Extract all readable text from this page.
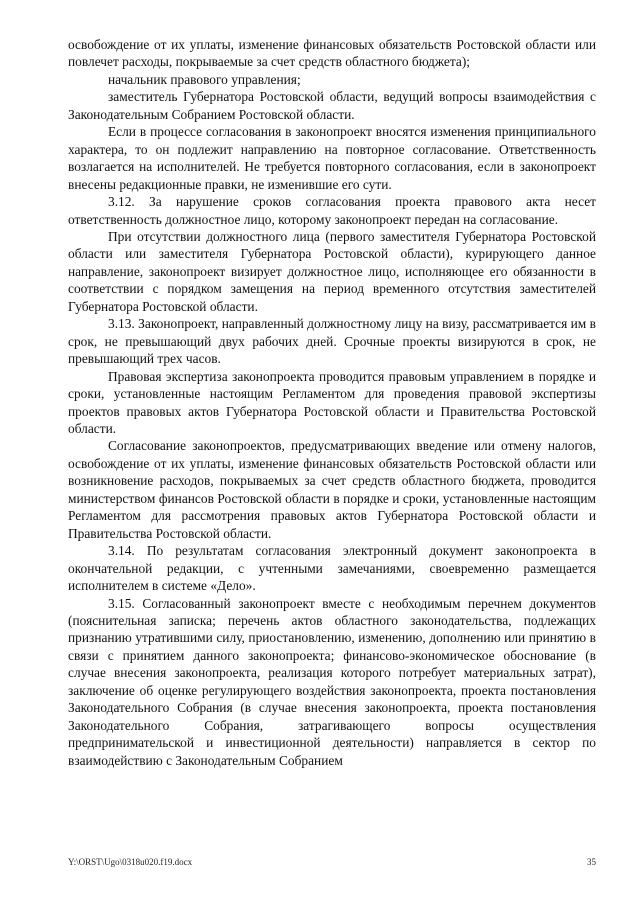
освобождение от их уплаты, изменение финансовых обязательств Ростовской области или повлечет расходы, покрываемые за счет средств областного бюджета);

начальник правового управления;

заместитель Губернатора Ростовской области, ведущий вопросы взаимодействия с Законодательным Собранием Ростовской области.

Если в процессе согласования в законопроект вносятся изменения принципиального характера, то он подлежит направлению на повторное согласование. Ответственность возлагается на исполнителей. Не требуется повторного согласования, если в законопроект внесены редакционные правки, не изменившие его сути.

3.12. За нарушение сроков согласования проекта правового акта несет ответственность должностное лицо, которому законопроект передан на согласование.

При отсутствии должностного лица (первого заместителя Губернатора Ростовской области или заместителя Губернатора Ростовской области), курирующего данное направление, законопроект визирует должностное лицо, исполняющее его обязанности в соответствии с порядком замещения на период временного отсутствия заместителей Губернатора Ростовской области.

3.13. Законопроект, направленный должностному лицу на визу, рассматривается им в срок, не превышающий двух рабочих дней. Срочные проекты визируются в срок, не превышающий трех часов.

Правовая экспертиза законопроекта проводится правовым управлением в порядке и сроки, установленные настоящим Регламентом для проведения правовой экспертизы проектов правовых актов Губернатора Ростовской области и Правительства Ростовской области.

Согласование законопроектов, предусматривающих введение или отмену налогов, освобождение от их уплаты, изменение финансовых обязательств Ростовской области или возникновение расходов, покрываемых за счет средств областного бюджета, проводится министерством финансов Ростовской области в порядке и сроки, установленные настоящим Регламентом для рассмотрения правовых актов Губернатора Ростовской области и Правительства Ростовской области.

3.14. По результатам согласования электронный документ законопроекта в окончательной редакции, с учтенными замечаниями, своевременно размещается исполнителем в системе «Дело».

3.15. Согласованный законопроект вместе с необходимым перечнем документов (пояснительная записка; перечень актов областного законодательства, подлежащих признанию утратившими силу, приостановлению, изменению, дополнению или принятию в связи с принятием данного законопроекта; финансово-экономическое обоснование (в случае внесения законопроекта, реализация которого потребует материальных затрат), заключение об оценке регулирующего воздействия законопроекта, проекта постановления Законодательного Собрания (в случае внесения законопроекта, проекта постановления Законодательного Собрания, затрагивающего вопросы осуществления предпринимательской и инвестиционной деятельности) направляется в сектор по взаимодействию с Законодательным Собранием

Y:\ORST\Ugo\0318u020.f19.docx	35
